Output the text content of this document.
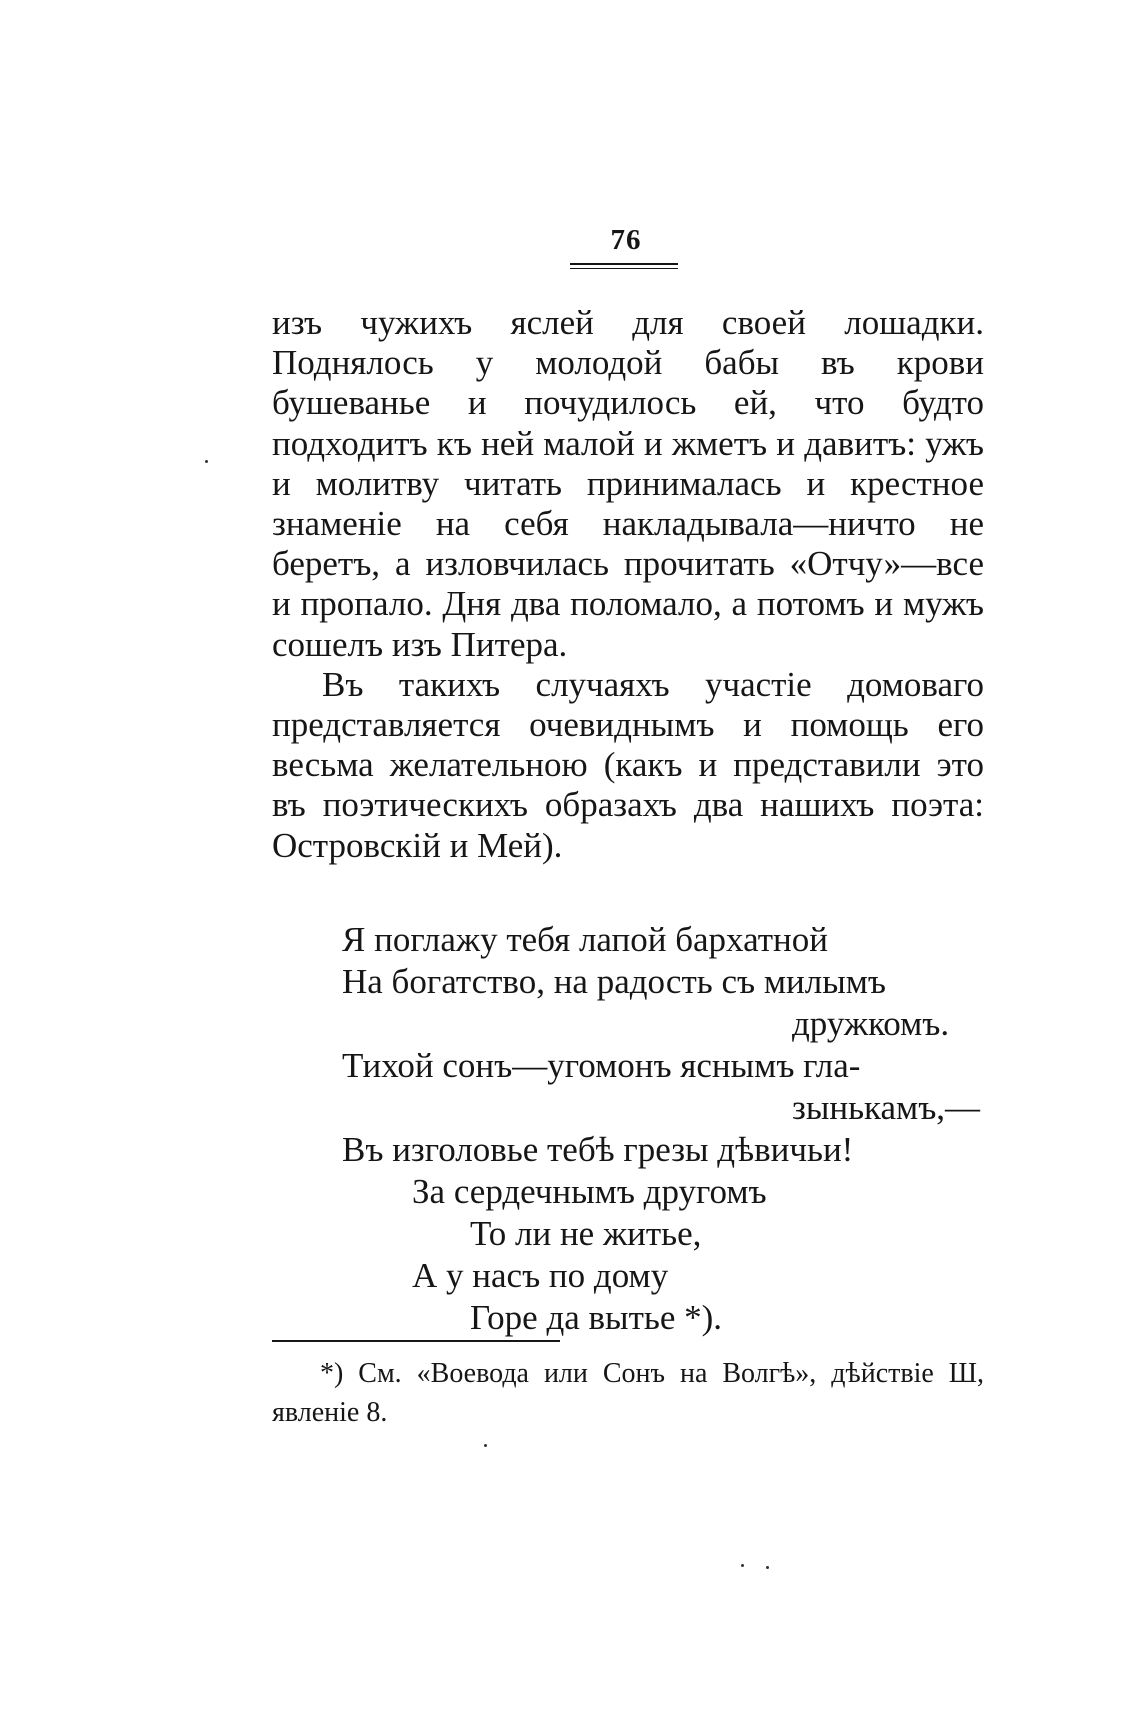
76

изъ чужихъ яслей для своей лошадки. Поднялось у молодой бабы въ крови бушеванье и почудилось ей, что будто подходитъ къ ней малой и жметъ и давитъ: ужъ и молитву читать принималась и крестное знаменіе на себя накладывала—ничто не беретъ, а изловчилась прочитать «Отчу»—все и пропало. Дня два поломало, а потомъ и мужъ сошелъ изъ Питера.

Въ такихъ случаяхъ участіе домоваго представляется очевиднымъ и помощь его весьма желательною (какъ и представили это въ поэтическихъ образахъ два нашихъ поэта: Островскій и Мей).

Я поглажу тебя лапой бархатной
На богатство, на радость съ милымъ
дружкомъ.
Тихой сонъ—угомонъ яснымъ гла-
зынькамъ,—
Въ изголовье тебѣ грезы дѣвичьи!
За сердечнымъ другомъ
То ли не житье,
А у насъ по дому
Горе да вытье *).
*) См. «Воевода или Сонъ на Волгѣ», дѣйствіе Ш, явленіе 8.
